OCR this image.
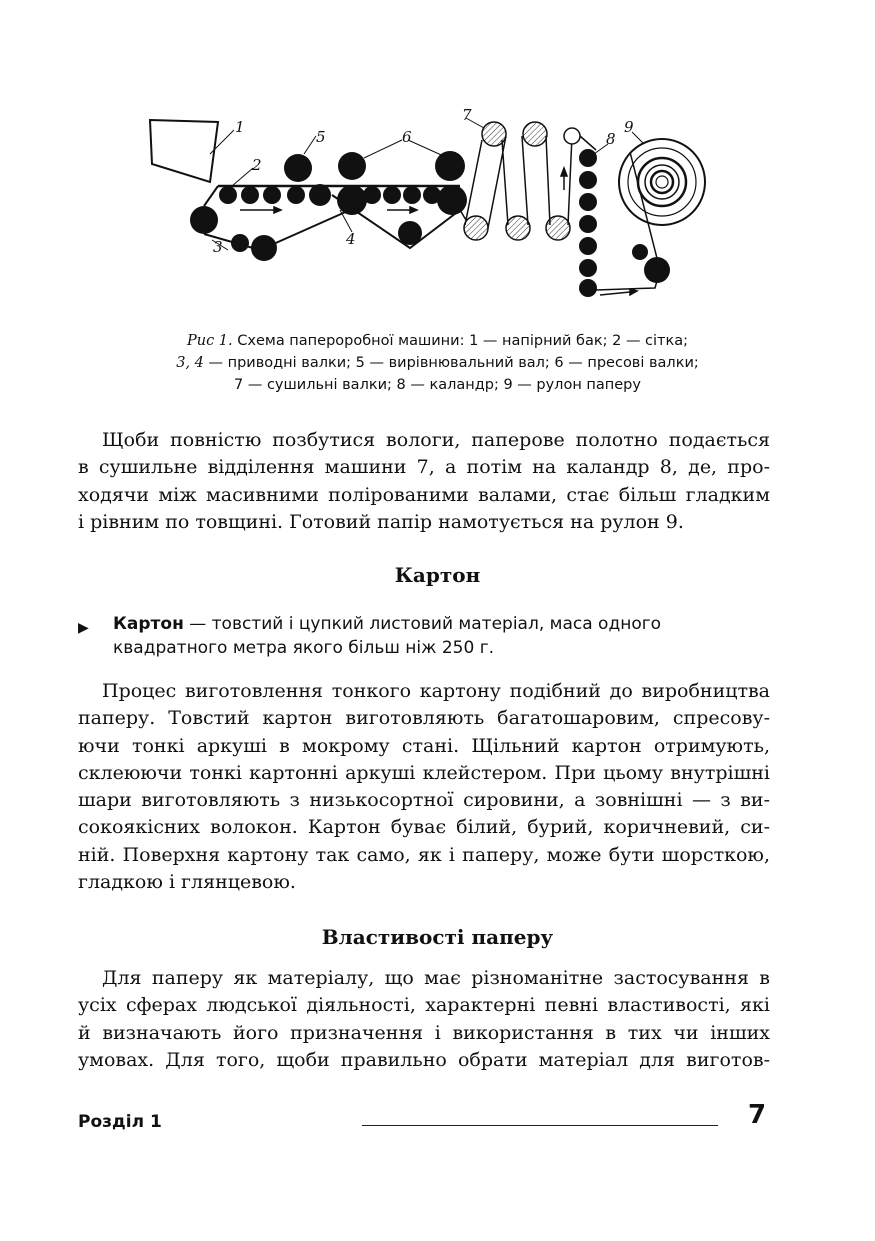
1
2
3	4
5	6
7
8
9
Рис 1. Схема папероробної машини: 1 — напірний бак; 2 — сітка;
3, 4 — приводні валки; 5 — вирівнювальний вал; 6 — пресові валки;
7 — сушильні валки; 8 — каландр; 9 — рулон паперу
Щоби повністю позбутися вологи, паперове полотно подається
в сушильне відділення машини 7, а потім на каландр 8, де, про-
ходячи між масивними полірованими валами, стає більш гладким
і рівним по товщині. Готовий папір намотується на рулон 9.
Картон
▶ Картон — товстий і цупкий листовий матеріал, маса одного
квадратного метра якого більш ніж 250 г.
Процес виготовлення тонкого картону подібний до виробництва
паперу. Товстий картон виготовляють багатошаровим, спресову-
ючи тонкі аркуші в мокрому стані. Щільний картон отримують,
склеюючи тонкі картонні аркуші клейстером. При цьому внутрішні
шари виготовляють з низькосортної сировини, а зовнішні — з ви-
сокоякісних волокон. Картон буває білий, бурий, коричневий, си-
ній. Поверхня картону так само, як і паперу, може бути шорсткою,
гладкою і глянцевою.
Властивості паперу
Для паперу як матеріалу, що має різноманітне застосування в
усіх сферах людської діяльності, характерні певні властивості, які
й визначають його призначення і використання в тих чи інших
умовах. Для того, щоби правильно обрати матеріал для виготов-
Розділ 1	7
